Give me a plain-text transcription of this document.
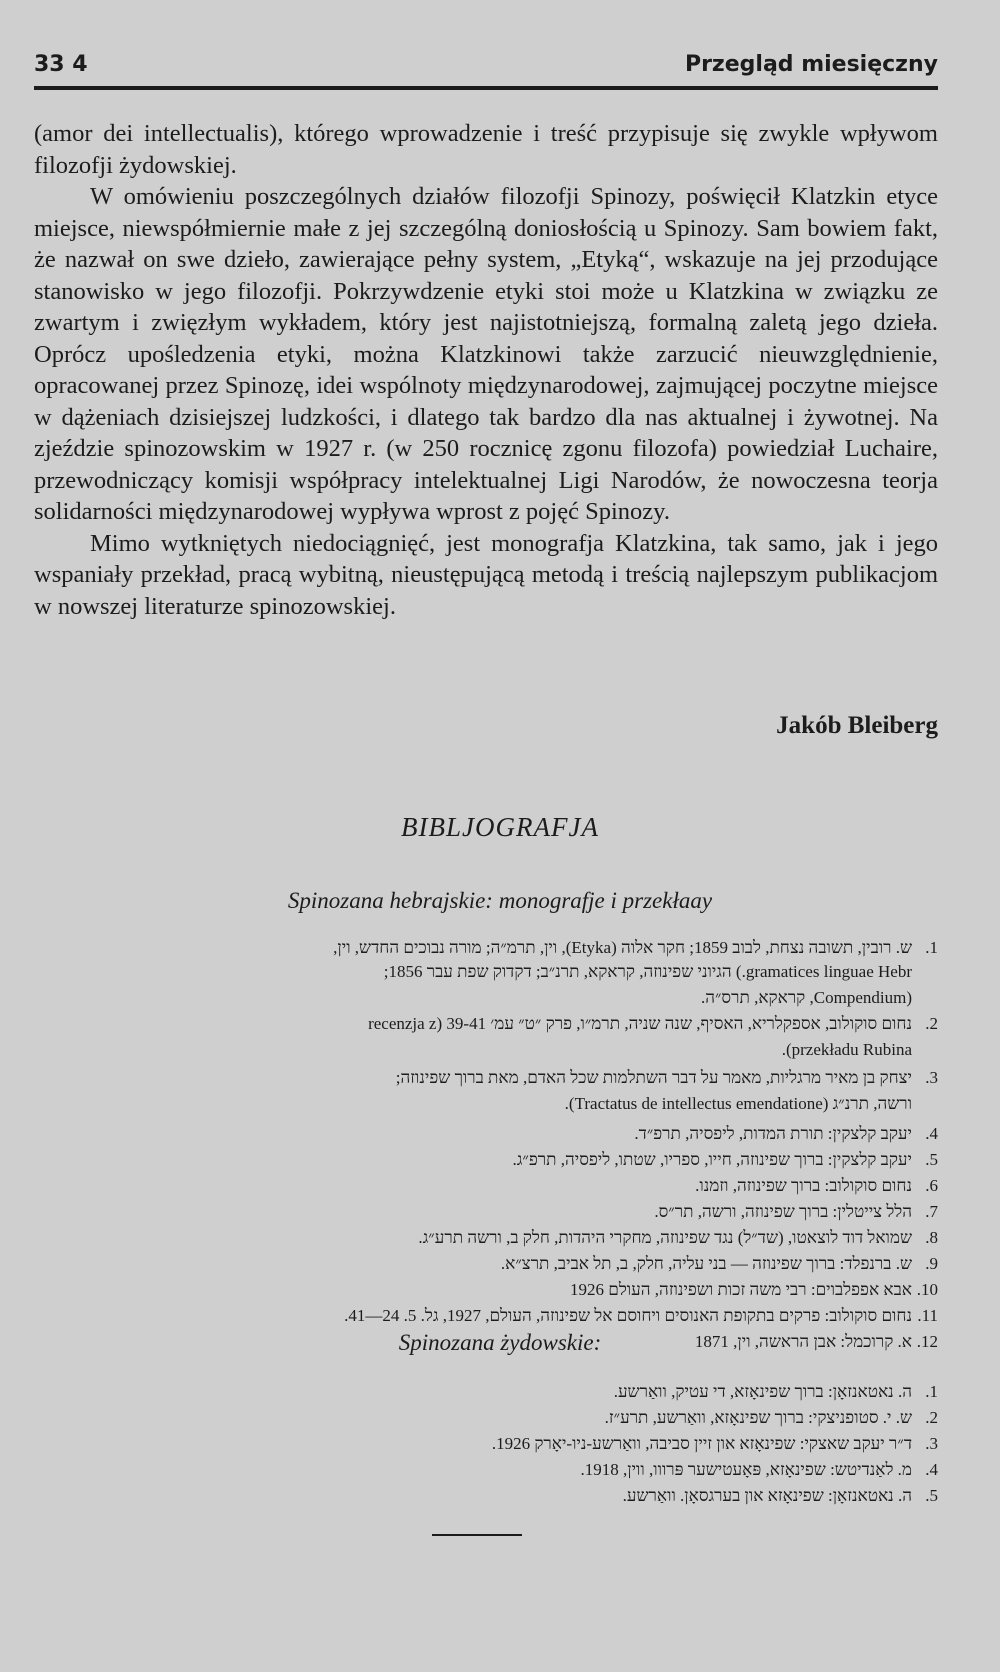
33 4	Przegląd miesięczny

(amor dei intellectualis), którego wprowadzenie i treść przypisuje się zwykle wpływom filozofji żydowskiej.

W omówieniu poszczególnych działów filozofji Spinozy, poświęcił Klatzkin etyce miejsce, niewspółmiernie małe z jej szczególną doniosłością u Spinozy. Sam bowiem fakt, że nazwał on swe dzieło, zawierające pełny system, „Etyką“, wskazuje na jej przodujące stanowisko w jego filozofji. Pokrzywdzenie etyki stoi może u Klatzkina w związku ze zwartym i zwięzłym wykładem, który jest najistotniejszą, formalną zaletą jego dzieła. Oprócz upośledzenia etyki, można Klatzkinowi także zarzucić nieuwzględnienie, opracowanej przez Spinozę, idei wspólnoty międzynarodowej, zajmującej poczytne miejsce w dążeniach dzisiejszej ludzkości, i dlatego tak bardzo dla nas aktualnej i żywotnej. Na zjeździe spinozowskim w 1927 r. (w 250 rocznicę zgonu filozofa) powiedział Luchaire, przewodniczący komisji współpracy intelektualnej Ligi Narodów, że nowoczesna teorja solidarności międzynarodowej wypływa wprost z pojęć Spinozy.

Mimo wytkniętych niedociągnięć, jest monografja Klatzkina, tak samo, jak i jego wspaniały przekład, pracą wybitną, nieustępującą metodą i treścią najlepszym publikacjom w nowszej literaturze spinozowskiej.

Jakób Bleiberg
BIBLJOGRAFJA
Spinozana hebrajskie: monografje i przekłaay
.1
ש. רובין, תשובה נצחת, לבוב 1859; חקר אלוה (Etyka), וין, תרמ״ה; מורה נבוכים החדש, וין,
gramatices linguae Hebr.) הגיוני שפינוזה, קראקא, תרנ״ב; דקדוק שפת עבר 1856;
(Compendium, קראקא, תרס״ה.
.2
נחום סוקולוב, אספקלריא, האסיף, שנה שניה, תרמ״ו, פרק ״ט״ עמ׳ 39-41 (recenzja z
przekładu Rubina).
.3
יצחק בן מאיר מרגליות, מאמר על דבר השתלמות שכל האדם, מאת ברוך שפינוזה;
ורשה, תרנ״ג (Tractatus de intellectus emendatione).
.4
יעקב קלצקין: תורת המדות, ליפסיה, תרפ״ד.
.5
יעקב קלצקין: ברוך שפינוזה, חייו, ספריו, שטתו, ליפסיה, תרפ״ג.
.6
נחום סוקולוב: ברוך שפינוזה, וזמנו.
.7
הלל צייטלין: ברוך שפינוזה, ורשה, תר״ס.
.8
שמואל דוד לוצאטו, (שד״ל) נגד שפינוזה, מחקרי היהדות, חלק ב, ורשה תרע״ג.
.9
ש. ברנפלד: ברוך שפינוזה — בני עליה, חלק, ב, תל אביב, תרצ״א.
.10
אבא אפפלבוים: רבי משה זכות ושפינוזה, העולם 1926
.11
נחום סוקולוב: פרקים בתקופת האנוסים ויחוסם אל שפינוזה, העולם, 1927, גל. 5. 24—41.
.12
א. קרוכמל: אבן הראשה, וין, 1871
Spinozana żydowskie:
.1
ה. נאטאנזאָן: ברוך שפינאָזא, די עטיק, וואַרשע.
.2
ש. י. סטופניצקי: ברוך שפינאָזא, וואַרשע, תרע״ז.
.3
ד״ר יעקב שאצקי: שפינאָזא און זיין סביבה, וואַרשע-ניו-יאָרק 1926.
.4
מ. לאַנדיטש: שפינאָזא, פּאָעטישער פּרווו, ווין, 1918.
.5
ה. נאטאנזאָן: שפינאָזא און בערגסאָן. וואַרשע.
